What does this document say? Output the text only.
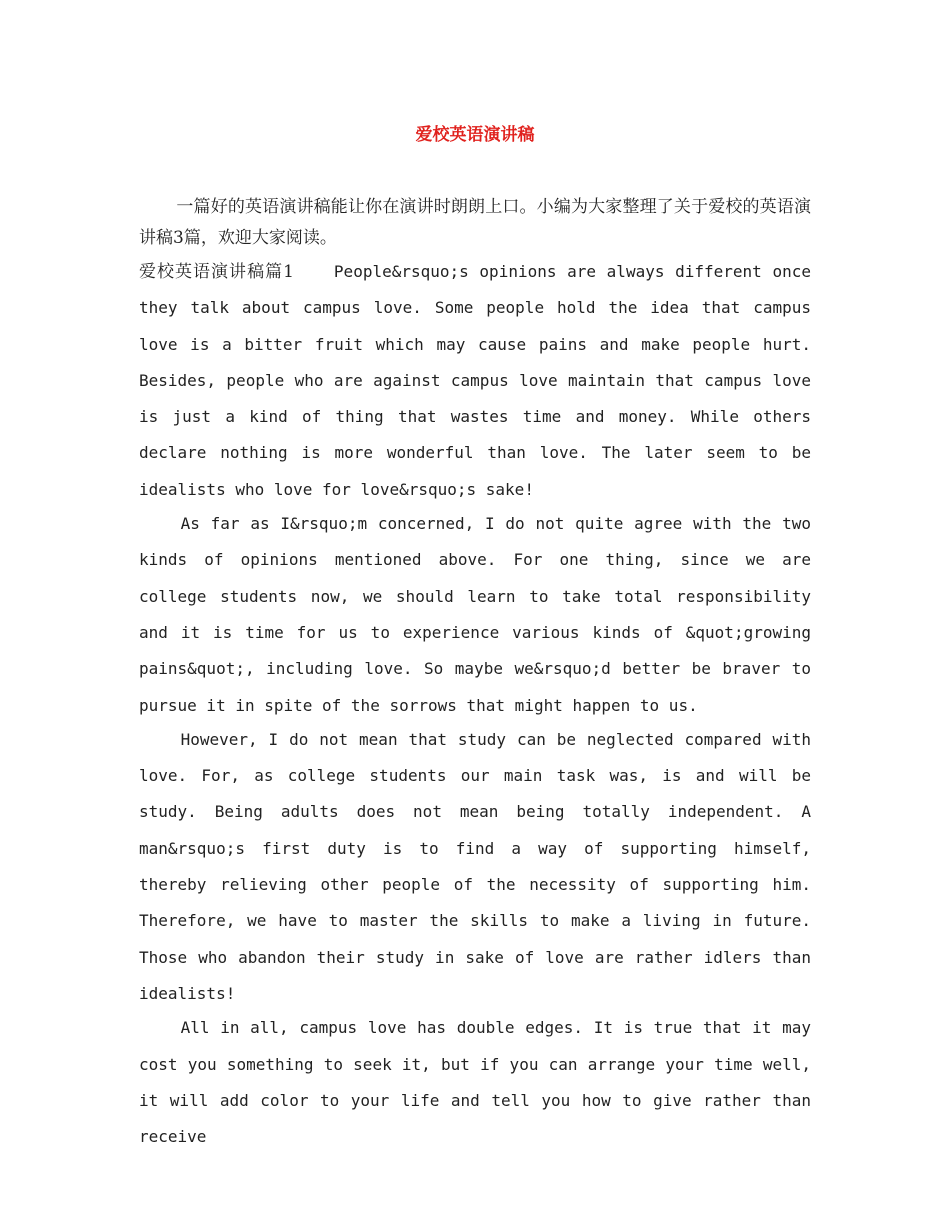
爱校英语演讲稿

一篇好的英语演讲稿能让你在演讲时朗朗上口。小编为大家整理了关于爱校的英语演讲稿3篇，欢迎大家阅读。

爱校英语演讲稿篇1	People&rsquo;s opinions are always different once they talk about campus love. Some people hold the idea that campus love is a bitter fruit which may cause pains and make people hurt. Besides, people who are against campus love maintain that campus love is just a kind of thing that wastes time and money. While others declare nothing is more wonderful than love. The later seem to be idealists who love for love&rsquo;s sake!

As far as I&rsquo;m concerned, I do not quite agree with the two kinds of opinions mentioned above. For one thing, since we are college students now, we should learn to take total responsibility and it is time for us to experience various kinds of &quot;growing pains&quot;, including love. So maybe we&rsquo;d better be braver to pursue it in spite of the sorrows that might happen to us.

However, I do not mean that study can be neglected compared with love. For, as college students our main task was, is and will be study. Being adults does not mean being totally independent. A man&rsquo;s first duty is to find a way of supporting himself, thereby relieving other people of the necessity of supporting him. Therefore, we have to master the skills to make a living in future. Those who abandon their study in sake of love are rather idlers than idealists!

All in all, campus love has double edges. It is true that it may cost you something to seek it, but if you can arrange your time well, it will add color to your life and tell you how to give rather than receive
